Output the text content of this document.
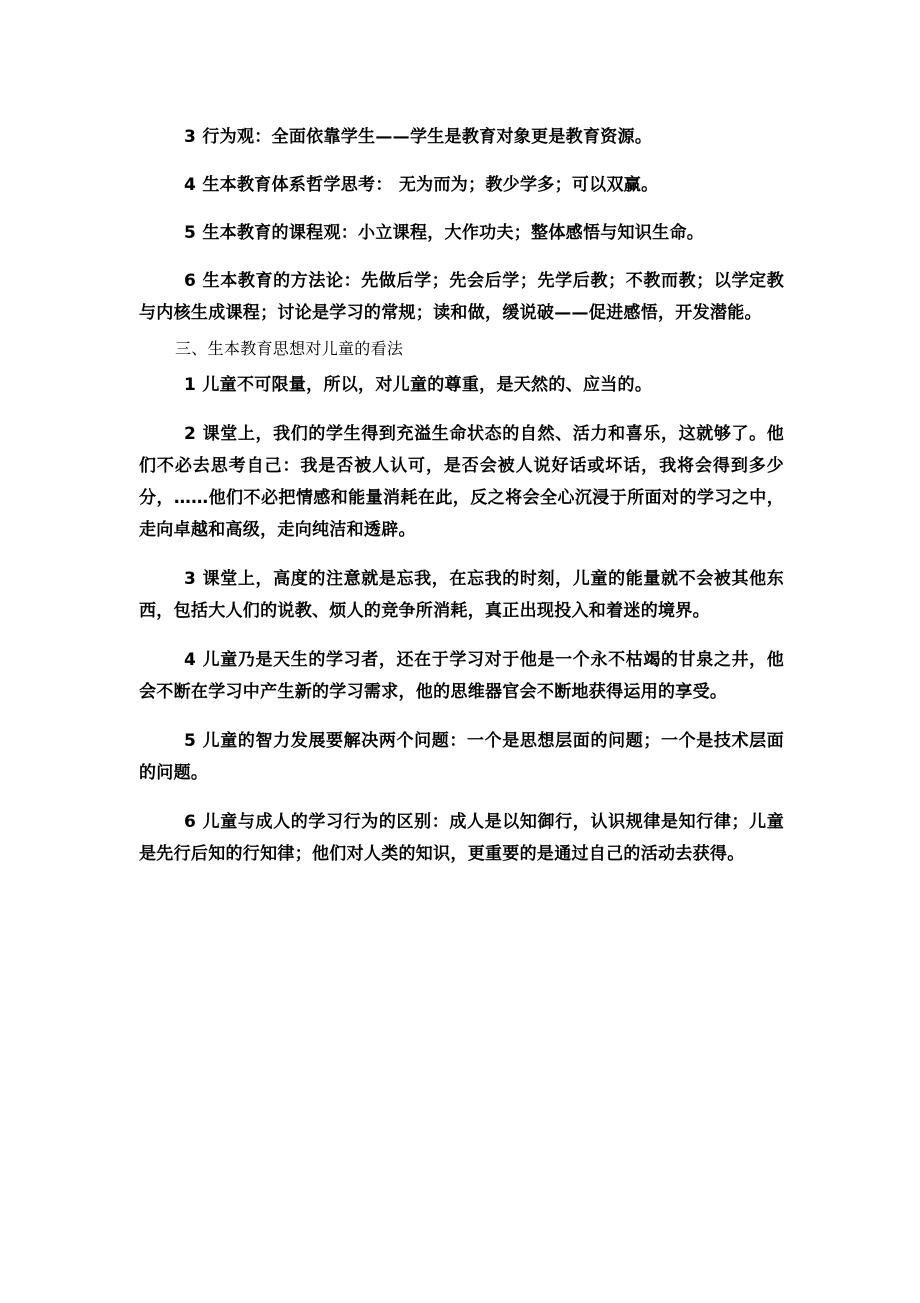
3 行为观：全面依靠学生——学生是教育对象更是教育资源。

4 生本教育体系哲学思考： 无为而为；教少学多；可以双赢。

5 生本教育的课程观：小立课程，大作功夫；整体感悟与知识生命。

6 生本教育的方法论：先做后学；先会后学；先学后教；不教而教；以学定教与内核生成课程；讨论是学习的常规；读和做，缓说破——促进感悟，开发潜能。

三、生本教育思想对儿童的看法

1 儿童不可限量，所以，对儿童的尊重，是天然的、应当的。

2 课堂上，我们的学生得到充溢生命状态的自然、活力和喜乐，这就够了。他们不必去思考自己：我是否被人认可，是否会被人说好话或坏话，我将会得到多少分，……他们不必把情感和能量消耗在此，反之将会全心沉浸于所面对的学习之中，走向卓越和高级，走向纯洁和透辟。

3 课堂上，高度的注意就是忘我，在忘我的时刻，儿童的能量就不会被其他东西，包括大人们的说教、烦人的竞争所消耗，真正出现投入和着迷的境界。

4 儿童乃是天生的学习者，还在于学习对于他是一个永不枯竭的甘泉之井，他会不断在学习中产生新的学习需求，他的思维器官会不断地获得运用的享受。

5 儿童的智力发展要解决两个问题：一个是思想层面的问题；一个是技术层面的问题。

6 儿童与成人的学习行为的区别：成人是以知御行，认识规律是知行律；儿童是先行后知的行知律；他们对人类的知识，更重要的是通过自己的活动去获得。
